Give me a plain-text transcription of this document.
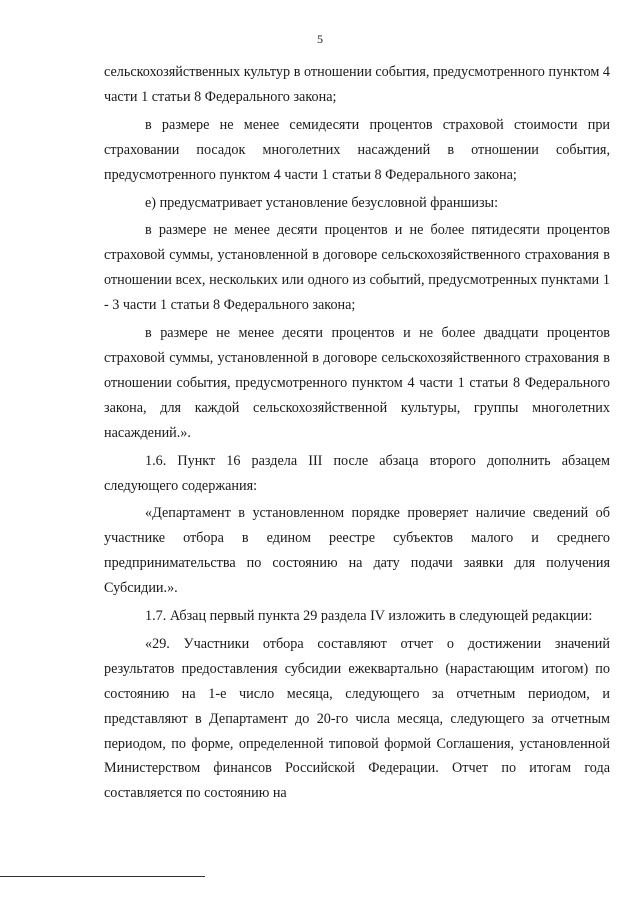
5

сельскохозяйственных культур в отношении события, предусмотренного пунктом 4 части 1 статьи 8 Федерального закона;

в размере не менее семидесяти процентов страховой стоимости при страховании посадок многолетних насаждений в отношении события, предусмотренного пунктом 4 части 1 статьи 8 Федерального закона;

е) предусматривает установление безусловной франшизы:

в размере не менее десяти процентов и не более пятидесяти процентов страховой суммы, установленной в договоре сельскохозяйственного страхования в отношении всех, нескольких или одного из событий, предусмотренных пунктами 1 - 3 части 1 статьи 8 Федерального закона;

в размере не менее десяти процентов и не более двадцати процентов страховой суммы, установленной в договоре сельскохозяйственного страхования в отношении события, предусмотренного пунктом 4 части 1 статьи 8 Федерального закона, для каждой сельскохозяйственной культуры, группы многолетних насаждений.».

1.6. Пункт 16 раздела III после абзаца второго дополнить абзацем следующего содержания:

«Департамент в установленном порядке проверяет наличие сведений об участнике отбора в едином реестре субъектов малого и среднего предпринимательства по состоянию на дату подачи заявки для получения Субсидии.».

1.7. Абзац первый пункта 29 раздела IV изложить в следующей редакции:

«29. Участники отбора составляют отчет о достижении значений результатов предоставления субсидии ежеквартально (нарастающим итогом) по состоянию на 1-е число месяца, следующего за отчетным периодом, и представляют в Департамент до 20-го числа месяца, следующего за отчетным периодом, по форме, определенной типовой формой Соглашения, установленной Министерством финансов Российской Федерации. Отчет по итогам года составляется по состоянию на
